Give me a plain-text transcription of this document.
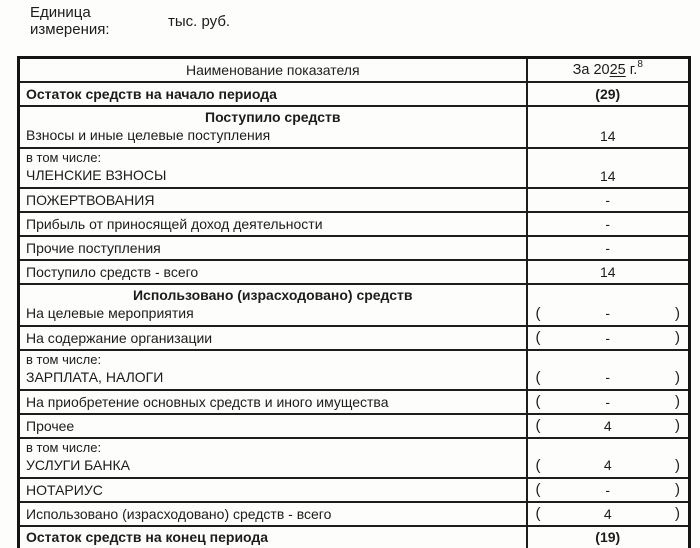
Единица
измерения:	тыс. руб.
Наименование показателя	За 2025 г.$^8$

Остаток средств на начало периода	(29)

Поступило средств
Взносы и иные целевые поступления	14

в том числе:
ЧЛЕНСКИЕ ВЗНОСЫ	14

ПОЖЕРТВОВАНИЯ	-

Прибыль от приносящей доход деятельности	-

Прочие поступления	-

Поступило средств - всего	14

Использовано (израсходовано) средств
На целевые мероприятия	(	-	)

На содержание организации	( - )

в том числе:
ЗАРПЛАТА, НАЛОГИ	(	-	)

На приобретение основных средств и иного имущества	( - )

Прочее	( 4 )

в том числе:
УСЛУГИ БАНКА	(	4	)

НОТАРИУС	( - )

Использовано (израсходовано) средств - всего	( 4 )

Остаток средств на конец периода	(19)
